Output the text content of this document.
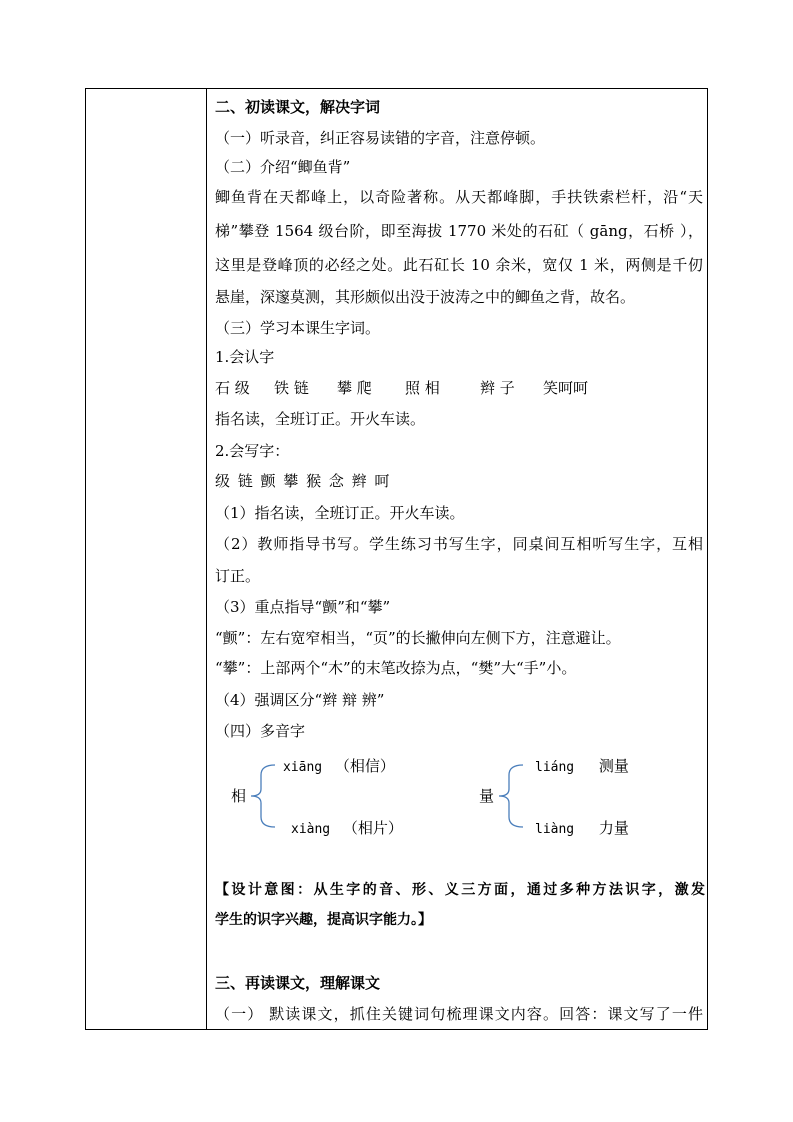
二、初读课文，解决字词
（一）听录音，纠正容易读错的字音，注意停顿。
（二）介绍“鲫鱼背”
鲫鱼背在天都峰上，以奇险著称。从天都峰脚，手扶铁索栏杆，沿“天
梯”攀登 1564 级台阶，即至海拔 1770 米处的石矼（ gāng，石桥 ），
这里是登峰顶的必经之处。此石矼长 10 余米，宽仅 1 米，两侧是千仞
悬崖，深邃莫测，其形颇似出没于波涛之中的鲫鱼之背，故名。
（三）学习本课生字词。
1.会认字
石 级 铁 链 攀 爬 照 相	辫 子 笑呵呵
指名读，全班订正。开火车读。
2.会写字：
级 链 颤 攀 猴 念 辫 呵
（1）指名读，全班订正。开火车读。
（2）教师指导书写。学生练习书写生字，同桌间互相听写生字，互相
订正。
（3）重点指导“颤”和“攀”
“颤”：左右宽窄相当，“页”的长撇伸向左侧下方，注意避让。
“攀”：上部两个“木”的末笔改捺为点，“樊”大“手”小。
（4）强调区分“辫 辩 辨”
（四）多音字
相
xiāng （相信）
xiàng （相片）
量
liáng 测量
liàng 力量
【设计意图：从生字的音、形、义三方面，通过多种方法识字，激发
学生的识字兴趣，提高识字能力。】
三、再读课文，理解课文
（一） 默读课文，抓住关键词句梳理课文内容。回答：课文写了一件
